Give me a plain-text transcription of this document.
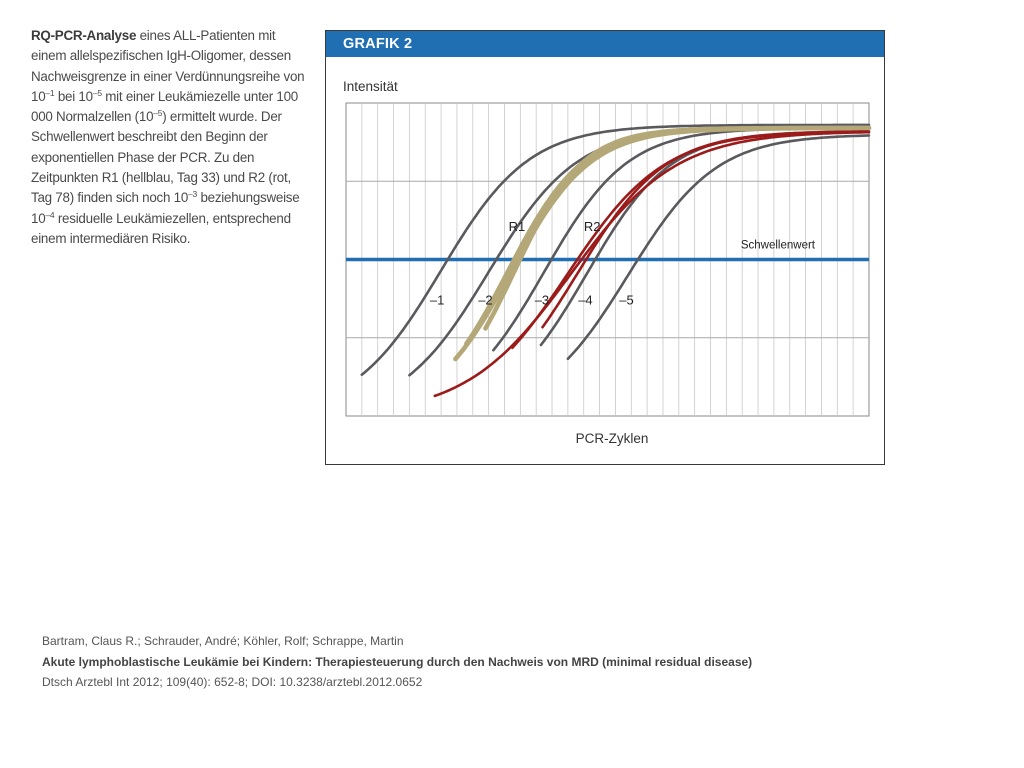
RQ-PCR-Analyse eines ALL-Patienten mit einem allelspezifischen IgH-Oligomer, dessen Nachweisgrenze in einer Verdünnungsreihe von $10^{-1}$ bei $10^{-5}$ mit einer Leukämiezelle unter 100 000 Normalzellen $(10^{-5})$ ermittelt wurde. Der Schwellenwert beschreibt den Beginn der exponentiellen Phase der PCR. Zu den Zeitpunkten R1 (hellblau, Tag 33) und R2 (rot, Tag 78) finden sich noch $10^{-3}$ beziehungsweise $10^{-4}$ residuelle Leukämiezellen, entsprechend einem intermediären Risiko.
GRAFIK 2
Intensität
PCR-Zyklen
Schwellenwert
–1	–2	–3 –4 –5
R1	R2
Bartram, Claus R.; Schrauder, André; Köhler, Rolf; Schrappe, Martin
Akute lymphoblastische Leukämie bei Kindern: Therapiesteuerung durch den Nachweis von MRD (minimal residual disease)
Dtsch Arztebl Int 2012; 109(40): 652-8; DOI: 10.3238/arztebl.2012.0652
